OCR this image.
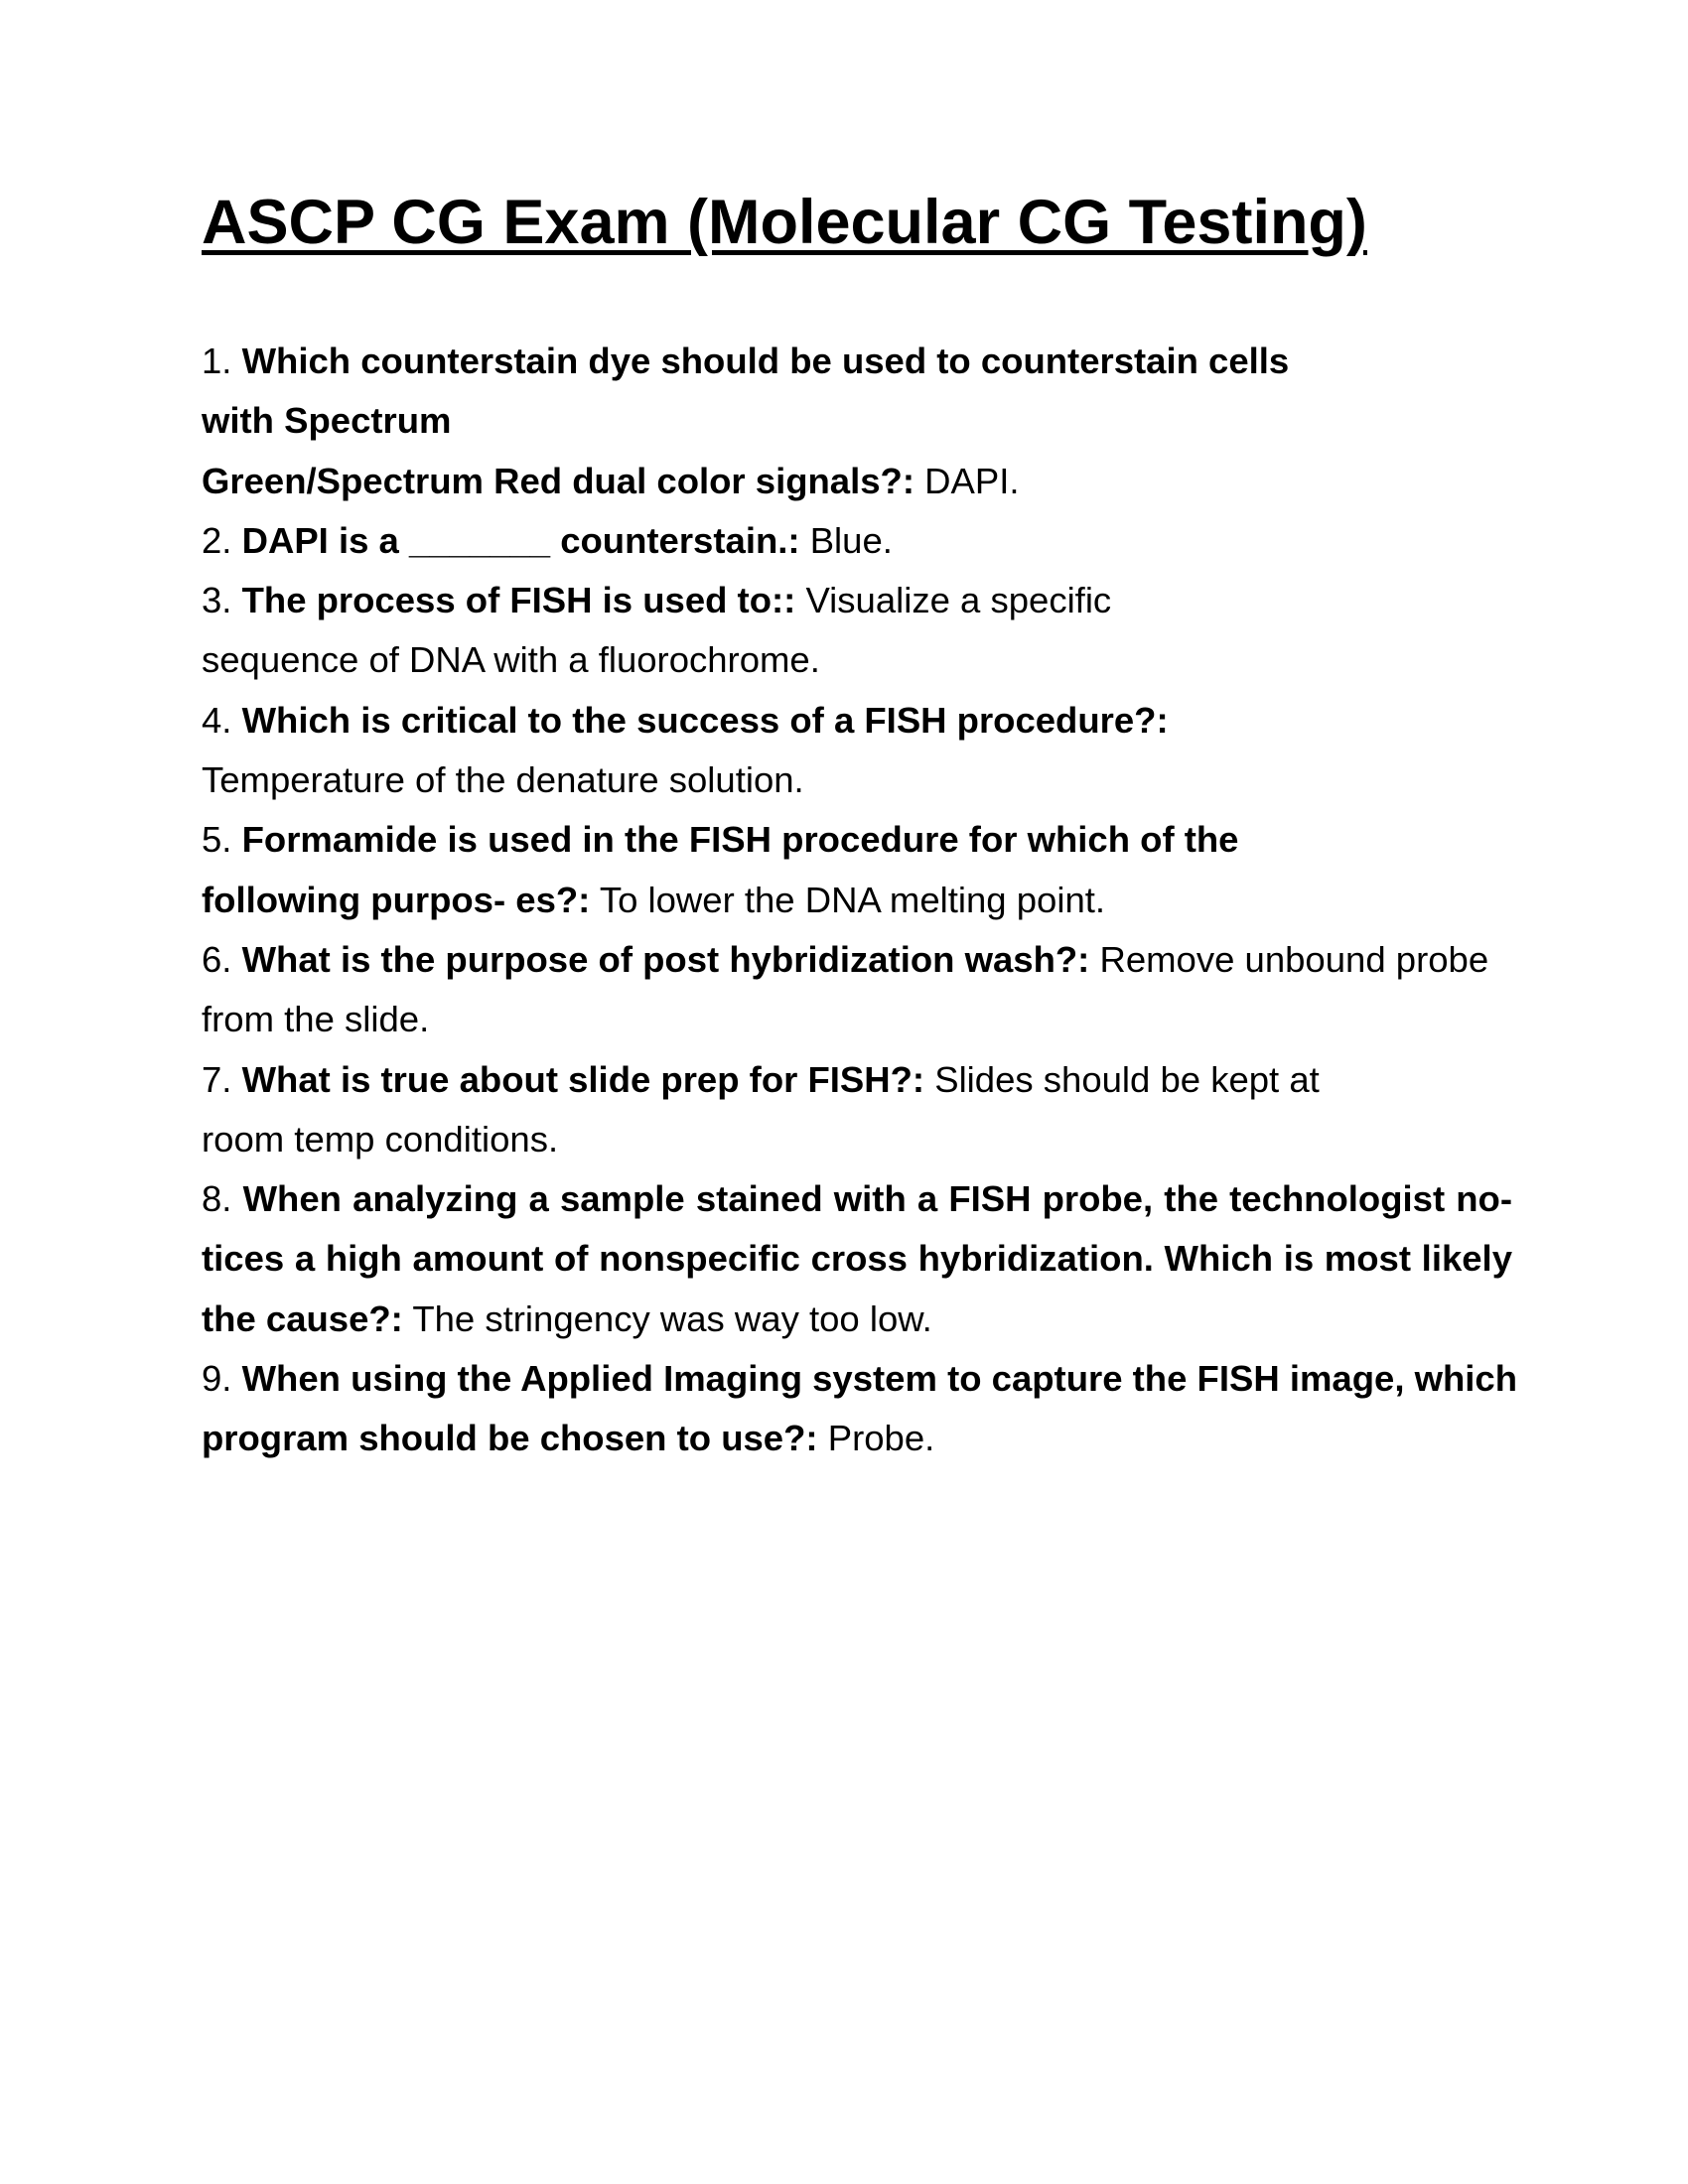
ASCP CG Exam (Molecular CG Testing)
1. Which counterstain dye should be used to counterstain cells
with Spectrum
Green/Spectrum Red dual color signals?: DAPI.
2. DAPI is a _______ counterstain.: Blue.
3. The process of FISH is used to:: Visualize a specific sequence of DNA with a fluorochrome.
4. Which is critical to the success of a FISH procedure?: Temperature of the denature solution.
5. Formamide is used in the FISH procedure for which of the following purpos- es?: To lower the DNA melting point.
6. What is the purpose of post hybridization wash?: Remove unbound probe from the slide.
7. What is true about slide prep for FISH?: Slides should be kept at room temp conditions.
8. When analyzing a sample stained with a FISH probe, the technologist no- tices a high amount of nonspecific cross hybridization. Which is most likely the cause?: The stringency was way too low.
9. When using the Applied Imaging system to capture the FISH image, which program should be chosen to use?: Probe.
